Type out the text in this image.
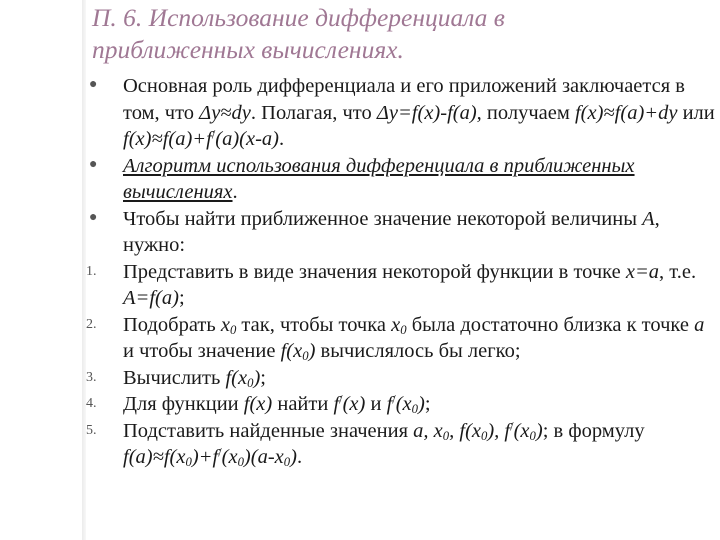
П. 6. Использование дифференциала в
приближенных вычислениях.
●	Основная роль дифференциала и его приложений заключается в том, что Δy≈dy. Полагая, что Δy=f(x)-f(a), получаем f(x)≈f(a)+dy или f(x)≈f(a)+f/(a)(x-a).
●	Алгоритм использования дифференциала в приближенных вычислениях.
●	Чтобы найти приближенное значение некоторой величины A, нужно:
1.	Представить в виде значения некоторой функции в точке x=a, т.е. A=f(a);
2.	Подобрать $x_0$ так, чтобы точка $x_0$ была достаточно близка к точке a и чтобы значение $f(x_0)$ вычислялось бы легко;
3.	Вычислить $f(x_0)$;
4.	Для функции f(x) найти f/(x) и $f^/(x_0)$;
5.	Подставить найденные значения a, $x_0$, $f(x_0)$, $f^/(x_0)$; в формулу $f(a)\approx f(x_0)+f^/(x_0)(a-x_0)$.
